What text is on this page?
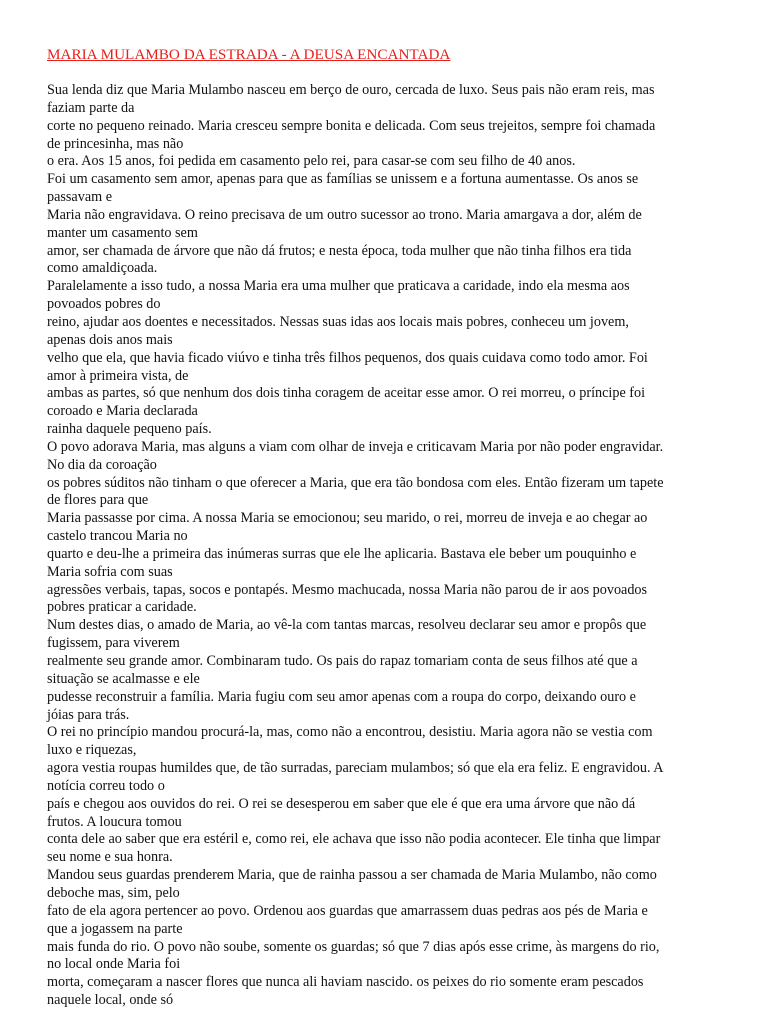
MARIA MULAMBO DA ESTRADA - A DEUSA ENCANTADA
Sua lenda diz que Maria Mulambo nasceu em berço de ouro, cercada de luxo. Seus pais não eram reis, mas
faziam parte da
corte no pequeno reinado. Maria cresceu sempre bonita e delicada. Com seus trejeitos, sempre foi chamada
de princesinha, mas não
o era. Aos 15 anos, foi pedida em casamento pelo rei, para casar-se com seu filho de 40 anos.
Foi um casamento sem amor, apenas para que as famílias se unissem e a fortuna aumentasse. Os anos se
passavam e
Maria não engravidava. O reino precisava de um outro sucessor ao trono. Maria amargava a dor, além de
manter um casamento sem
amor, ser chamada de árvore que não dá frutos; e nesta época, toda mulher que não tinha filhos era tida
como amaldiçoada.
Paralelamente a isso tudo, a nossa Maria era uma mulher que praticava a caridade, indo ela mesma aos
povoados pobres do
reino, ajudar aos doentes e necessitados. Nessas suas idas aos locais mais pobres, conheceu um jovem,
apenas dois anos mais
velho que ela, que havia ficado viúvo e tinha três filhos pequenos, dos quais cuidava como todo amor. Foi
amor à primeira vista, de
ambas as partes, só que nenhum dos dois tinha coragem de aceitar esse amor. O rei morreu, o príncipe foi
coroado e Maria declarada
rainha daquele pequeno país.
O povo adorava Maria, mas alguns a viam com olhar de inveja e criticavam Maria por não poder engravidar.
No dia da coroação
os pobres súditos não tinham o que oferecer a Maria, que era tão bondosa com eles. Então fizeram um tapete
de flores para que
Maria passasse por cima. A nossa Maria se emocionou; seu marido, o rei, morreu de inveja e ao chegar ao
castelo trancou Maria no
quarto e deu-lhe a primeira das inúmeras surras que ele lhe aplicaria. Bastava ele beber um pouquinho e
Maria sofria com suas
agressões verbais, tapas, socos e pontapés. Mesmo machucada, nossa Maria não parou de ir aos povoados
pobres praticar a caridade.
Num destes dias, o amado de Maria, ao vê-la com tantas marcas, resolveu declarar seu amor e propôs que
fugissem, para viverem
realmente seu grande amor. Combinaram tudo. Os pais do rapaz tomariam conta de seus filhos até que a
situação se acalmasse e ele
pudesse reconstruir a família. Maria fugiu com seu amor apenas com a roupa do corpo, deixando ouro e
jóias para trás.
O rei no princípio mandou procurá-la, mas, como não a encontrou, desistiu. Maria agora não se vestia com
luxo e riquezas,
agora vestia roupas humildes que, de tão surradas, pareciam mulambos; só que ela era feliz. E engravidou. A
notícia correu todo o
país e chegou aos ouvidos do rei. O rei se desesperou em saber que ele é que era uma árvore que não dá
frutos. A loucura tomou
conta dele ao saber que era estéril e, como rei, ele achava que isso não podia acontecer. Ele tinha que limpar
seu nome e sua honra.
Mandou seus guardas prenderem Maria, que de rainha passou a ser chamada de Maria Mulambo, não como
deboche mas, sim, pelo
fato de ela agora pertencer ao povo. Ordenou aos guardas que amarrassem duas pedras aos pés de Maria e
que a jogassem na parte
mais funda do rio. O povo não soube, somente os guardas; só que 7 dias após esse crime, às margens do rio,
no local onde Maria foi
morta, começaram a nascer flores que nunca ali haviam nascido. os peixes do rio somente eram pescados
naquele local, onde só
